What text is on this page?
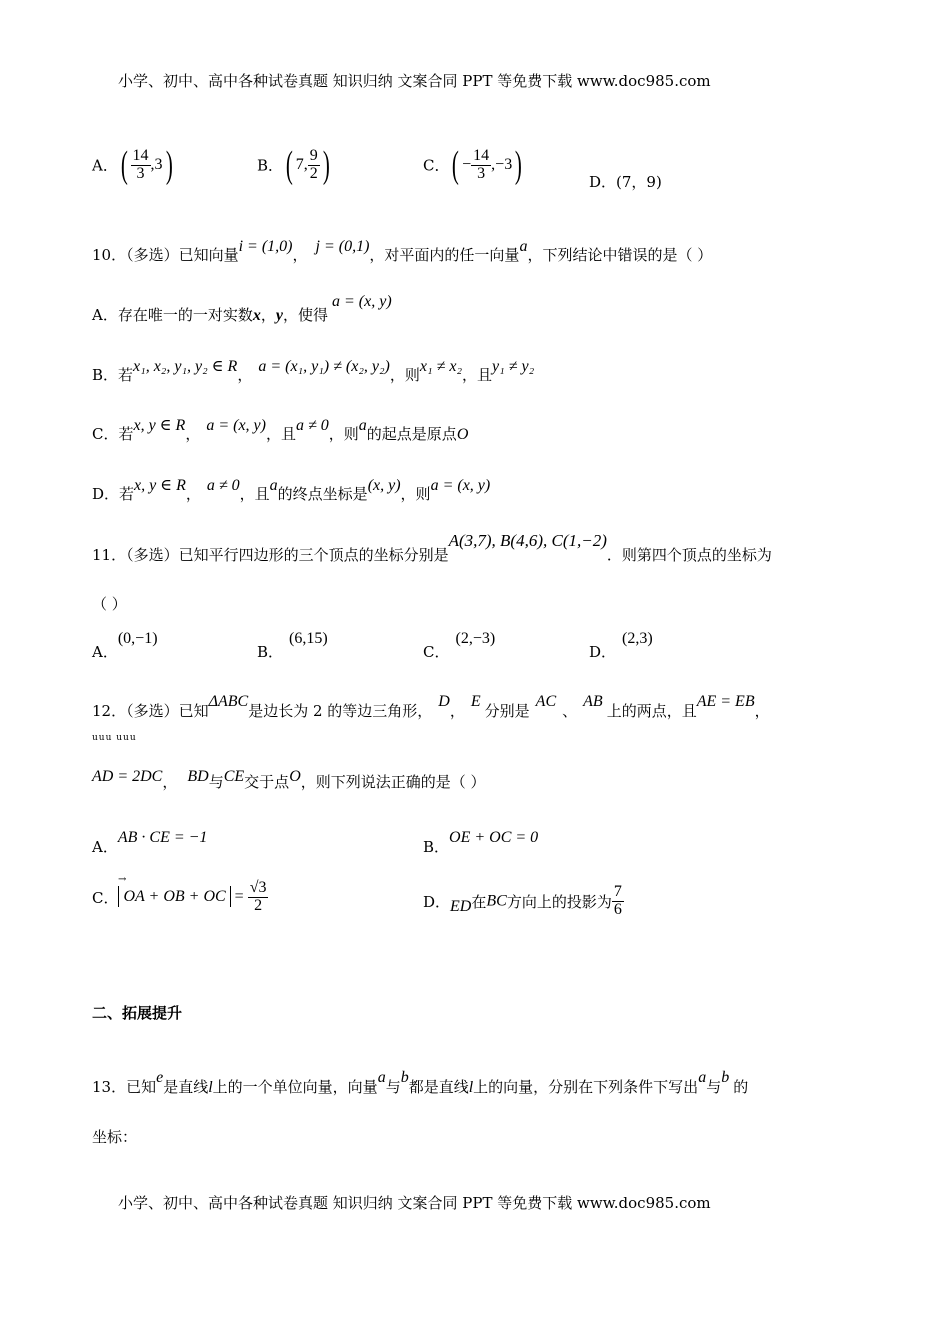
小学、初中、高中各种试卷真题 知识归纳 文案合同 PPT 等免费下载 www.doc985.com
A．( $\frac{14}{3} ,3$)	B．( 7, $\frac{9}{2}$ )	C．( − $\frac{14}{3} ,-3$)	D．(7，9)
10．（多选）已知向量i = (1,0)， j = (0,1)，对平面内的任一向量a，下列结论中错误的是（ ）
A．存在唯一的一对实数x，y，使得a = (x, y)
B．若x₁, x₂, y₁, y₂ ∈ R， a = (x₁, y₁) ≠ (x₂, y₂)，则x₁ ≠ x₂，且y₁ ≠ y₂
C．若x, y ∈ R， a = (x, y)，且a ≠ 0，则a的起点是原点O
D．若x, y ∈ R， a ≠ 0，且a的终点坐标是(x, y)，则a = (x, y)
11．（多选）已知平行四边形的三个顶点的坐标分别是A(3,7), B(4,6), C(1,−2)．则第四个顶点的坐标为
（ ）
A．(0,−1)
B．(6,15)
C．(2,−3)
D．(2,3)
12．（多选）已知ΔABC是边长为 2 的等边三角形，D，E分别是AC、AB上的两点，且AE = EB，
uuu uuu
AD = 2DC， BD与CE交于点O，则下列说法正确的是（ ）
A．AB · CE = −1
B．OE + OC = 0
→
C． OA + OB + OC = $\frac{√3}{2}$	D．ED在BC方向上的投影为 $\frac{7}{6}$
二、拓展提升
13．已知e是直线l上的一个单位向量，向量a与b都是直线l上的向量，分别在下列条件下写出a与b的
坐标：
小学、初中、高中各种试卷真题 知识归纳 文案合同 PPT 等免费下载 www.doc985.com
